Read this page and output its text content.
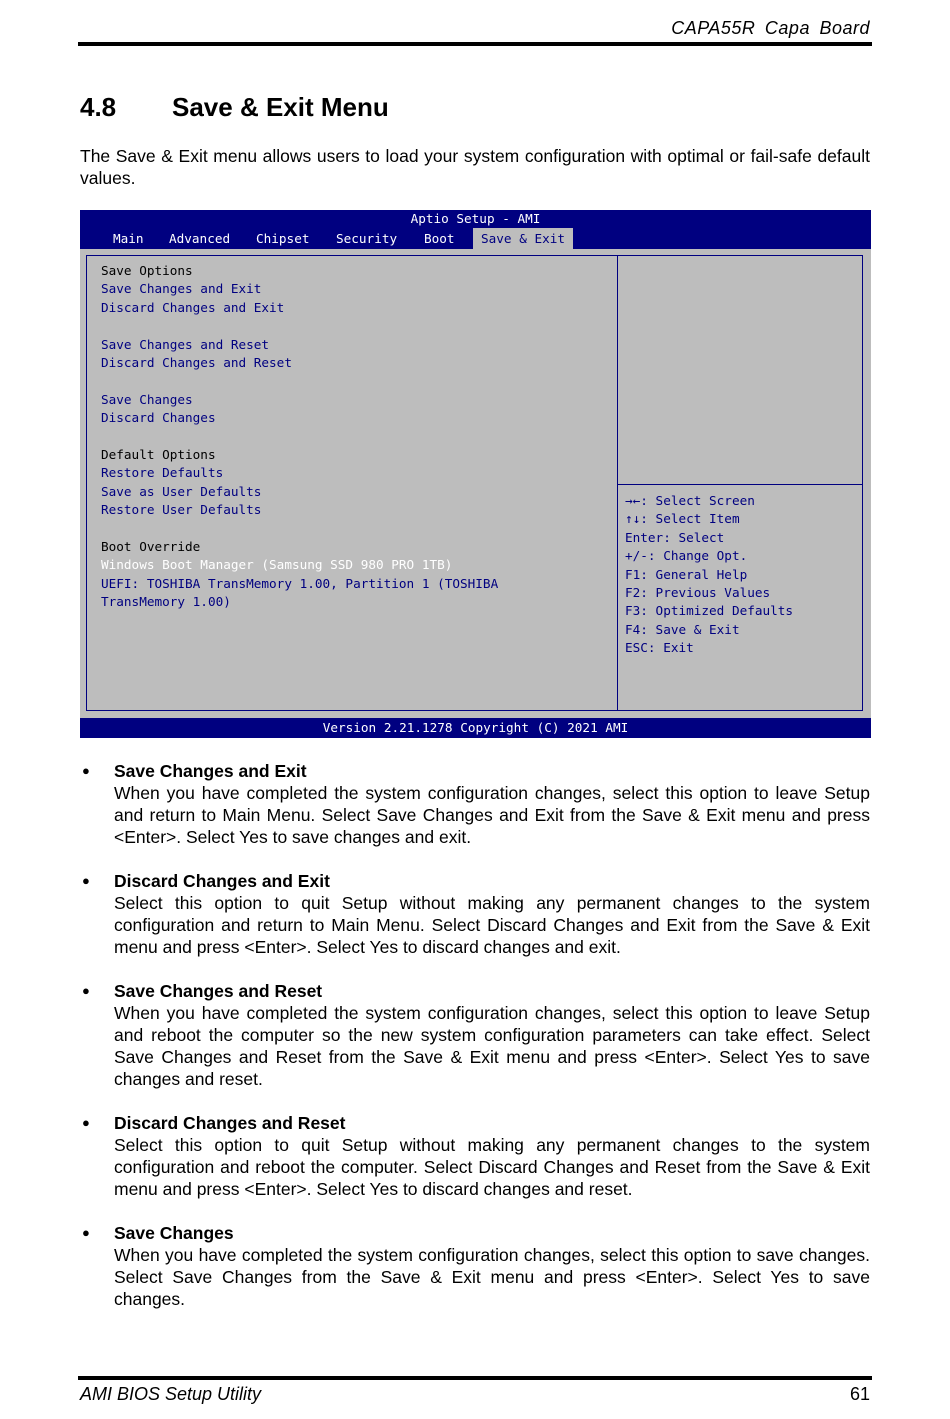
CAPA55R Capa Board
4.8 Save & Exit Menu
The Save & Exit menu allows users to load your system configuration with optimal or fail-safe default values.
Aptio Setup - AMI
Main Advanced Chipset Security Boot	Save & Exit
Save Options
Save Changes and Exit
Discard Changes and Exit
Save Changes and Reset
Discard Changes and Reset
Save Changes
Discard Changes
Default Options
Restore Defaults
Save as User Defaults
Restore User Defaults
Boot Override
Windows Boot Manager (Samsung SSD 980 PRO 1TB)
UEFI: TOSHIBA TransMemory 1.00, Partition 1 (TOSHIBA
TransMemory 1.00)
→←: Select Screen
↑↓: Select Item
Enter: Select
+/-: Change Opt.
F1: General Help
F2: Previous Values
F3: Optimized Defaults
F4: Save & Exit
ESC: Exit
Version 2.21.1278 Copyright (C) 2021 AMI
● Save Changes and Exit
When you have completed the system configuration changes, select this option to leave Setup and return to Main Menu. Select Save Changes and Exit from the Save & Exit menu and press <Enter>. Select Yes to save changes and exit.
● Discard Changes and Exit
Select this option to quit Setup without making any permanent changes to the system configuration and return to Main Menu. Select Discard Changes and Exit from the Save & Exit menu and press <Enter>. Select Yes to discard changes and exit.
● Save Changes and Reset
When you have completed the system configuration changes, select this option to leave Setup and reboot the computer so the new system configuration parameters can take effect. Select Save Changes and Reset from the Save & Exit menu and press <Enter>. Select Yes to save changes and reset.
● Discard Changes and Reset
Select this option to quit Setup without making any permanent changes to the system configuration and reboot the computer. Select Discard Changes and Reset from the Save & Exit menu and press <Enter>. Select Yes to discard changes and reset.
● Save Changes
When you have completed the system configuration changes, select this option to save changes. Select Save Changes from the Save & Exit menu and press <Enter>. Select Yes to save changes.
AMI BIOS Setup Utility	61
